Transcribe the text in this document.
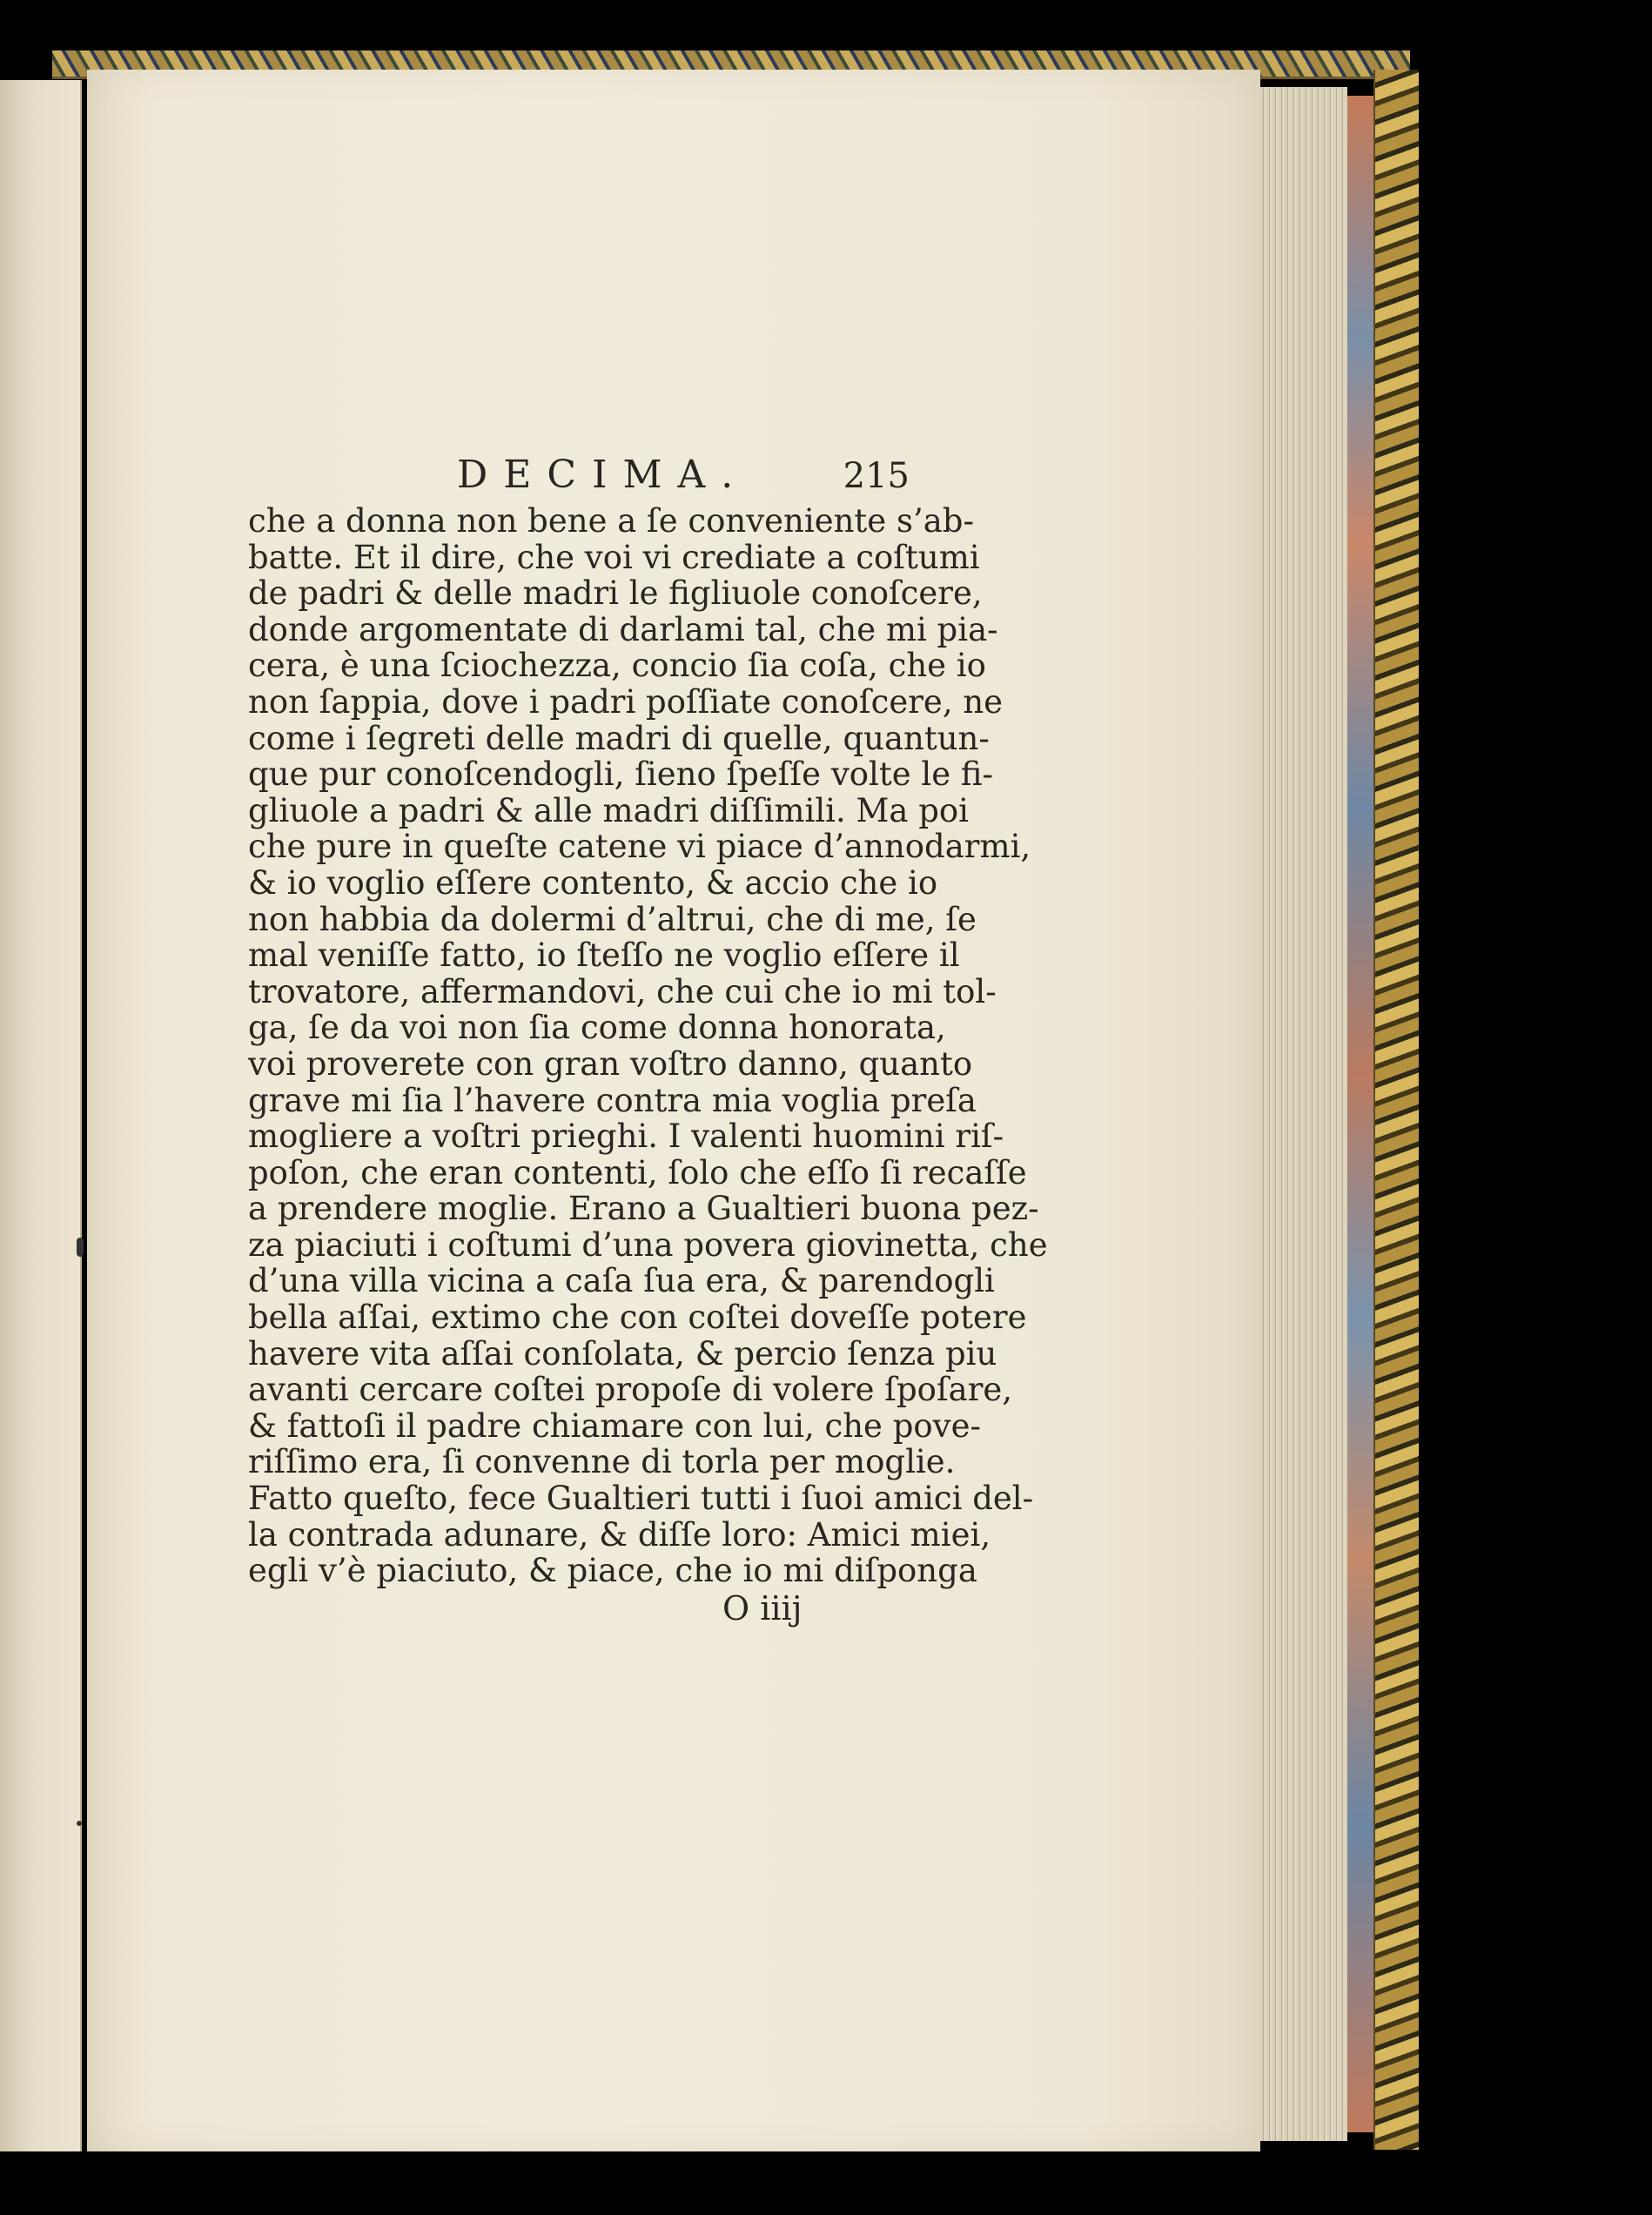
DECIMA.	215
che a donna non bene a ſe conveniente s’ab-
batte. Et il dire, che voi vi crediate a coſtumi
de padri & delle madri le figliuole conoſcere,
donde argomentate di darlami tal, che mi pia-
cera, è una ſciochezza, concio ſia coſa, che io
non ſappia, dove i padri poſſiate conoſcere, ne
come i ſegreti delle madri di quelle, quantun-
que pur conoſcendogli, ſieno ſpeſſe volte le fi-
gliuole a padri & alle madri diſſimili. Ma poi
che pure in queſte catene vi piace d’annodarmi,
& io voglio eſſere contento, & accio che io
non habbia da dolermi d’altrui, che di me, ſe
mal veniſſe fatto, io ſteſſo ne voglio eſſere il
trovatore, affermandovi, che cui che io mi tol-
ga, ſe da voi non ſia come donna honorata,
voi proverete con gran voſtro danno, quanto
grave mi ſia l’havere contra mia voglia preſa
mogliere a voſtri prieghi. I valenti huomini riſ-
poſon, che eran contenti, ſolo che eſſo ſi recaſſe
a prendere moglie. Erano a Gualtieri buona pez-
za piaciuti i coſtumi d’una povera giovinetta, che
d’una villa vicina a caſa ſua era, & parendogli
bella aſſai, extimo che con coſtei doveſſe potere
havere vita aſſai conſolata, & percio ſenza piu
avanti cercare coſtei propoſe di volere ſpoſare,
& fattoſi il padre chiamare con lui, che pove-
riſſimo era, ſi convenne di torla per moglie.
Fatto queſto, fece Gualtieri tutti i ſuoi amici del-
la contrada adunare, & diſſe loro: Amici miei,
egli v’è piaciuto, & piace, che io mi diſponga
O iiij
